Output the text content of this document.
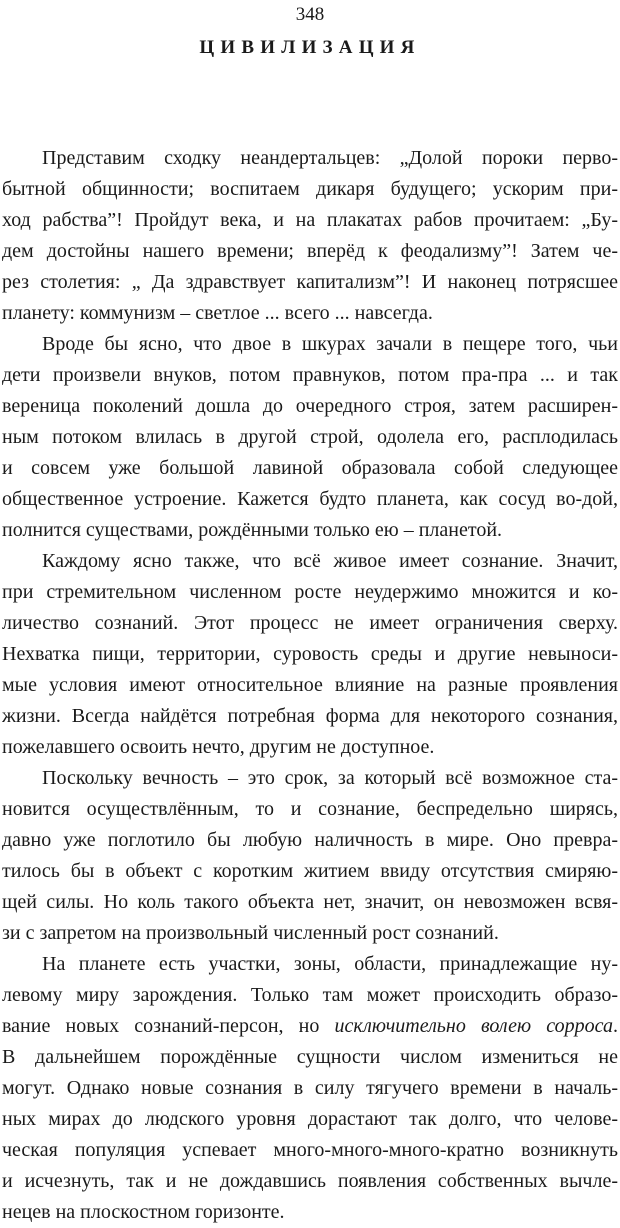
348
ЦИВИЛИЗАЦИЯ
Представим сходку неандертальцев: „Долой пороки перво-
бытной общинности; воспитаем дикаря будущего; ускорим при-
ход рабства”! Пройдут века, и на плакатах рабов прочитаем: „Бу-
дем достойны нашего времени; вперёд к феодализму”! Затем че-
рез столетия: „ Да здравствует капитализм”! И наконец потрясшее
планету: коммунизм – светлое ... всего ... навсегда.
Вроде бы ясно, что двое в шкурах зачали в пещере того, чьи
дети произвели внуков, потом правнуков, потом пра-пра ... и так
вереница поколений дошла до очередного строя, затем расширен-
ным потоком влилась в другой строй, одолела его, расплодилась
и совсем уже большой лавиной образовала собой следующее
общественное устроение. Кажется будто планета, как сосуд во-дой,
полнится существами, рождёнными только ею – планетой.
Каждому ясно также, что всё живое имеет сознание. Значит,
при стремительном численном росте неудержимо множится и ко-
личество сознаний. Этот процесс не имеет ограничения сверху.
Нехватка пищи, территории, суровость среды и другие невыноси-
мые условия имеют относительное влияние на разные проявления
жизни. Всегда найдётся потребная форма для некоторого сознания,
пожелавшего освоить нечто, другим не доступное.
Поскольку вечность – это срок, за который всё возможное ста-
новится осуществлённым, то и сознание, беспредельно ширясь,
давно уже поглотило бы любую наличность в мире. Оно превра-
тилось бы в объект с коротким житием ввиду отсутствия смиряю-
щей силы. Но коль такого объекта нет, значит, он невозможен всвя-
зи с запретом на произвольный численный рост сознаний.
На планете есть участки, зоны, области, принадлежащие ну-
левому миру зарождения. Только там может происходить образо-
вание новых сознаний-персон, но исключительно волею сорроса.
В дальнейшем порождённые сущности числом измениться не
могут. Однако новые сознания в силу тягучего времени в началь-
ных мирах до людского уровня дорастают так долго, что челове-
ческая популяция успевает много-много-много-кратно возникнуть
и исчезнуть, так и не дождавшись появления собственных вычле-
нецев на плоскостном горизонте.
